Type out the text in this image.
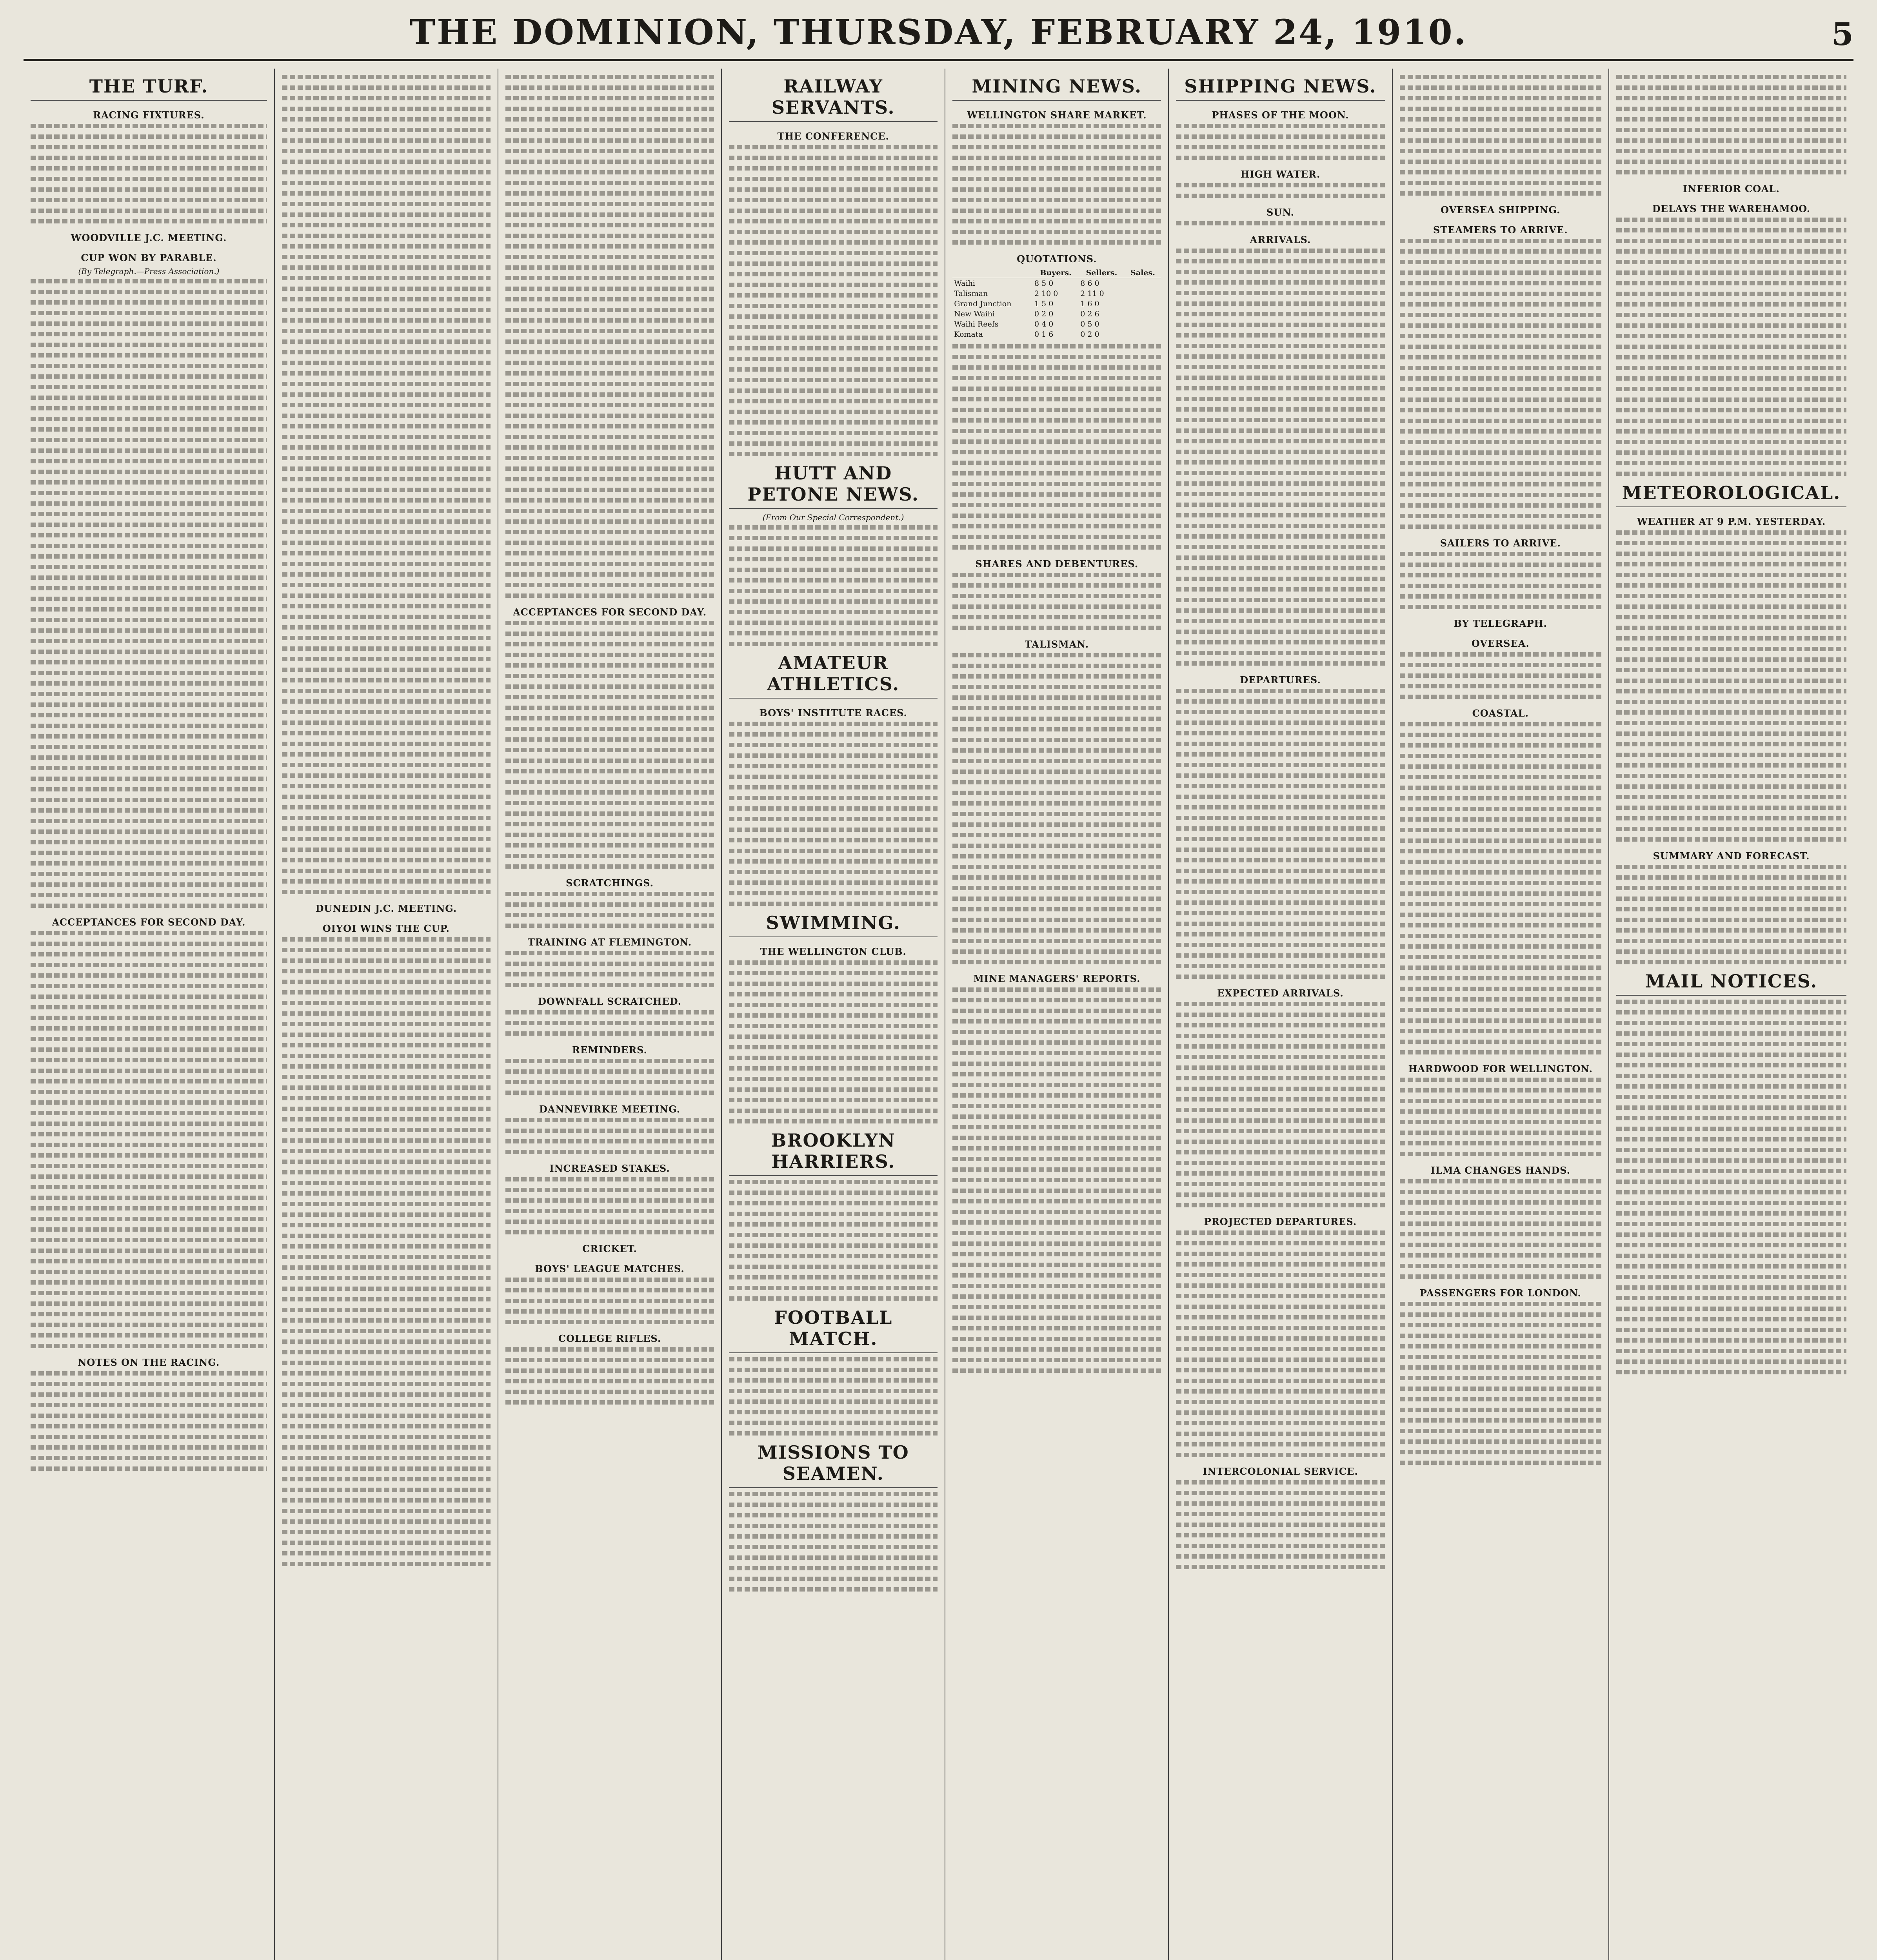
THE DOMINION, THURSDAY, FEBRUARY 24, 1910.	5
THE TURF.
RACING FIXTURES.
WOODVILLE J.C. MEETING.
CUP WON BY PARABLE.
(By Telegraph.—Press Association.)
ACCEPTANCES FOR SECOND DAY.
NOTES ON THE RACING.
DUNEDIN J.C. MEETING.
OIYOI WINS THE CUP.
ACCEPTANCES FOR SECOND DAY.
SCRATCHINGS.
TRAINING AT FLEMINGTON.
DOWNFALL SCRATCHED.
REMINDERS.
DANNEVIRKE MEETING.
INCREASED STAKES.
CRICKET.
BOYS' LEAGUE MATCHES.
COLLEGE RIFLES.
RAILWAY SERVANTS.
THE CONFERENCE.
HUTT AND PETONE NEWS.
(From Our Special Correspondent.)
AMATEUR ATHLETICS.
BOYS' INSTITUTE RACES.
SWIMMING.
THE WELLINGTON CLUB.
BROOKLYN HARRIERS.
FOOTBALL MATCH.
MISSIONS TO SEAMEN.
MINING NEWS.
WELLINGTON SHARE MARKET.
QUOTATIONS.
	Buyers.	Sellers.	Sales.
Waihi	8 5 0	8 6 0	
Talisman	2 10 0	2 11 0	
Grand Junction	1 5 0	1 6 0	
New Waihi	0 2 0	0 2 6	
Waihi Reefs	0 4 0	0 5 0	
Komata	0 1 6	0 2 0	
SHARES AND DEBENTURES.
TALISMAN.
MINE MANAGERS' REPORTS.
SHIPPING NEWS.
PHASES OF THE MOON.
HIGH WATER.
SUN.
ARRIVALS.
DEPARTURES.
EXPECTED ARRIVALS.
PROJECTED DEPARTURES.
INTERCOLONIAL SERVICE.
OVERSEA SHIPPING.
STEAMERS TO ARRIVE.
SAILERS TO ARRIVE.
BY TELEGRAPH.
OVERSEA.
COASTAL.
HARDWOOD FOR WELLINGTON.
ILMA CHANGES HANDS.
PASSENGERS FOR LONDON.
INFERIOR COAL.
DELAYS THE WAREHAMOO.
METEOROLOGICAL.
WEATHER AT 9 P.M. YESTERDAY.
SUMMARY AND FORECAST.
MAIL NOTICES.
